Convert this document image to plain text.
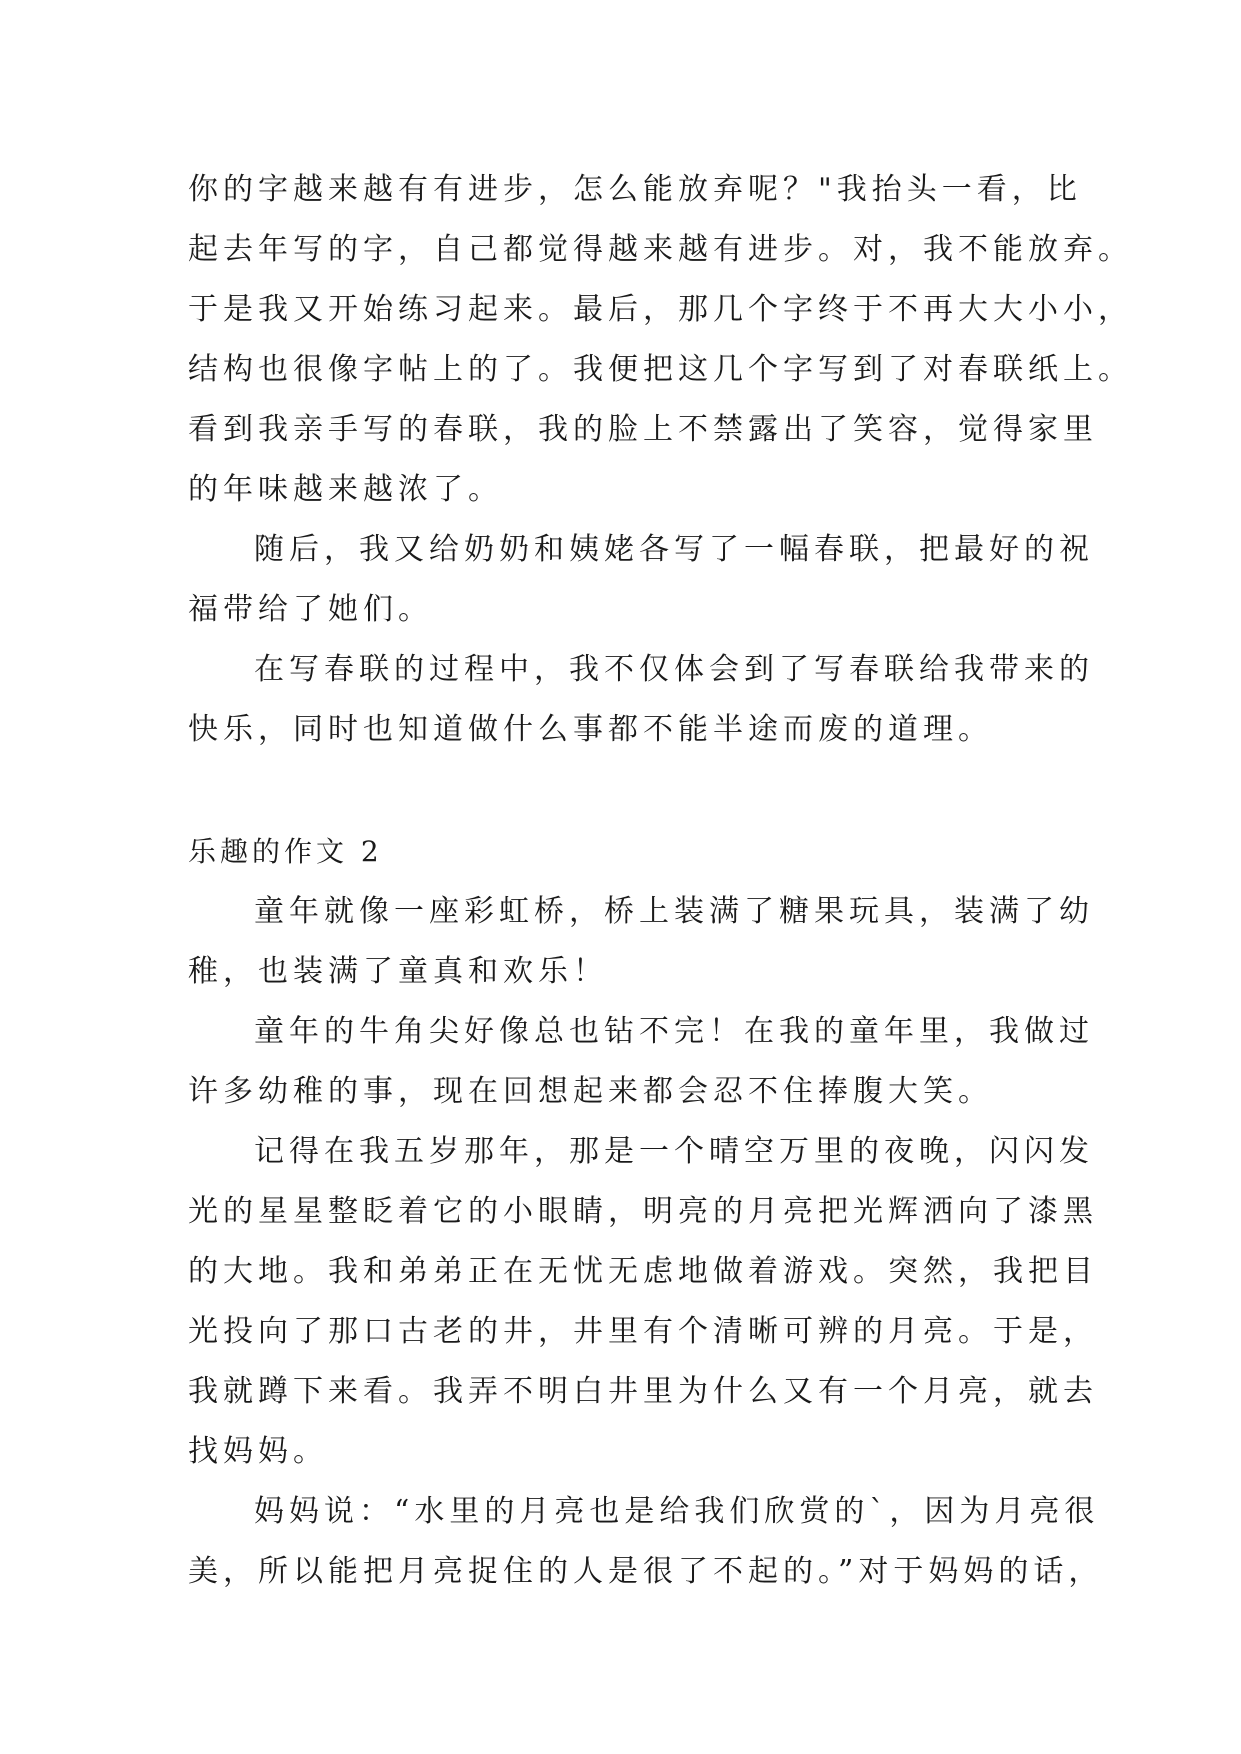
你的字越来越有有进步，怎么能放弃呢？"我抬头一看，比
起去年写的字，自己都觉得越来越有进步。对，我不能放弃。
于是我又开始练习起来。最后，那几个字终于不再大大小小，
结构也很像字帖上的了。我便把这几个字写到了对春联纸上。
看到我亲手写的春联，我的脸上不禁露出了笑容，觉得家里
的年味越来越浓了。
随后，我又给奶奶和姨姥各写了一幅春联，把最好的祝
福带给了她们。
在写春联的过程中，我不仅体会到了写春联给我带来的
快乐，同时也知道做什么事都不能半途而废的道理。
乐趣的作文 2
童年就像一座彩虹桥，桥上装满了糖果玩具，装满了幼
稚，也装满了童真和欢乐！
童年的牛角尖好像总也钻不完！在我的童年里，我做过
许多幼稚的事，现在回想起来都会忍不住捧腹大笑。
记得在我五岁那年，那是一个晴空万里的夜晚，闪闪发
光的星星整眨着它的小眼睛，明亮的月亮把光辉洒向了漆黑
的大地。我和弟弟正在无忧无虑地做着游戏。突然，我把目
光投向了那口古老的井，井里有个清晰可辨的月亮。于是，
我就蹲下来看。我弄不明白井里为什么又有一个月亮，就去
找妈妈。
妈妈说：“水里的月亮也是给我们欣赏的`，因为月亮很
美，所以能把月亮捉住的人是很了不起的。”对于妈妈的话，
